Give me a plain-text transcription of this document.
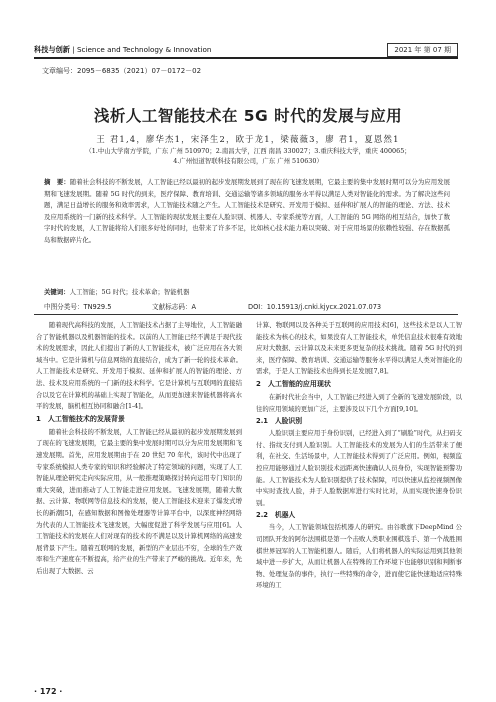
科技与创新 | Science and Technology & Innovation	2021 年 第 07 期
文章编号：2095－6835（2021）07－0172－02
浅析人工智能技术在 5G 时代的发展与应用
王 君1,4，廖华杰1，宋泽生2，欧于龙1，梁薇薇3，廖 君1，夏恩然1
（1.中山大学南方学院，广东 广州 510970；2.南昌大学，江西 南昌 330027；3.重庆科技大学，重庆 400065；
4.广州恒道智联科技有限公司，广东 广州 510630）
摘　要：随着社会科技的不断发展，人工智能已经以最初的起步发展期发展到了现在的飞速发展期，它最主要的集中发展时期可以分为应用发展期和飞速发展期。随着 5G 时代的到来，医疗保障、教育培训、交通运输等诸多领域的服务水平得以满足人类对智能化的需求。为了解决这些问题，满足日益增长的服务和效率需求，人工智能技术随之产生。人工智能技术是研究、开发用于模拟、延伸和扩展人的智能的理论、方法、技术及应用系统的一门新的技术科学。人工智能的现状发展主要在人脸识别、机器人、专家系统等方面，人工智能的 5G 网络的相互结合，加快了数字时代的发展，人工智能将给人们很多好处的同时，也带来了许多不足，比如核心技术能力难以突破、对于应用场景的依赖性较强、存在数据孤岛和数据碎片化。
关键词：人工智能；5G 时代；技术革命；智能机器
中图分类号：TN929.5	文献标志码：A	DOI：10.15913/j.cnki.kjycx.2021.07.073

随着现代高科技的发展，人工智能技术占据了主导地位，人工智能融合了智能机器以及机器智能的技术。以前的人工智能已经不满足于现代技术的发展需求，因此人们提出了新的人工智能技术，被广泛应用在各大领域当中。它是计算机与信息网络的直接结合，成为了新一轮的技术革命。人工智能技术是研究、开发用于模拟、延伸和扩展人的智能的理论、方法、技术及应用系统的一门新的技术科学。它是计算机与互联网的直接结合以及它在计算机的基础上实现了智能化，从而更加速来智能机器将高水平的发展，脑机相互协同和融合[1-4]。

1　人工智能技术的发展背景

随着社会科技的不断发展，人工智能已经从最初的起步发展期发展到了现在的飞速发展期，它最主要的集中发展时期可以分为应用发展期和飞速发展期。首先，应用发展期由于在 20 世纪 70 年代，该时代中出现了专家系统模拟人类专家的知识和经验解决了特定领域的问题，实现了人工智能从理论研究走向实际应用，从一般推理策略探讨转向运用专门知识的重大突破，进而推动了人工智能走进应用发展。飞速发展期，随着大数据、云计算、物联网等信息技术的发展，使人工智能技术迎来了爆发式增长的新潮[5]，在感知数据和图像处理器等计算平台中，以深度神经网络为代表的人工智能技术飞速发展，大幅度促进了科学发展与应用[6]。人工智能技术的发展在人们对现有的技术的不满足以及计算机网络的高速发展背景下产生。随着互联网的发展，新型的产业层出不穷，全球的生产效率和生产速度在不断提高，给产业的生产带来了严峻的挑战。近年来，先后出现了大数据、云

计算、物联网以及各种关于互联网的应用技术[6]，这些技术是以人工智能技术为核心的技术，如果没有人工智能技术，单凭信息技术很难有效地应对大数据、云计算以及未来更多更复杂的技术挑战。随着 5G 时代的到来，医疗保障、教育培训、交通运输等服务水平得以满足人类对智能化的需求，于是人工智能技术也得到长足发展[7,8]。

2　人工智能的应用现状

在新时代社会当中，人工智能已经进入到了全新的飞速发展阶段，以往的应用领域的更加广泛，主要涉及以下几个方面[9,10]。

2.1　人脸识别

人脸识别主要应用于身份识别，已经进入到了“刷脸”时代，从扫码支付、指纹支付到人脸识别。人工智能技术的发展为人们的生活带来了便利，在社交、生活场景中，人工智能技术得到了广泛应用。例如，视频监控应用能够通过人脸识别技术远距离快速确认人员身份，实现智能预警功能。人工智能技术为人脸识别提供了技术保障，可以快速从监控视频图像中实时查找人脸，并于人脸数据库进行实时比对，从而实现快速身份识别。

2.2　机器人

当今，人工智能领域包括机器人的研究。由谷歌旗下DeepMind 公司团队开发的阿尔法围棋是第一个击败人类职业围棋选手、第一个战胜围棋世界冠军的人工智能机器人。随后，人们将机器人的实际运用到其他领域中进一步扩大，从而让机器人在特殊的工作环境下也能够识别和判断事物、处理复杂的事件，执行一些特殊的命令，进而使它能快速地适应特殊环境的工

· 172 ·
